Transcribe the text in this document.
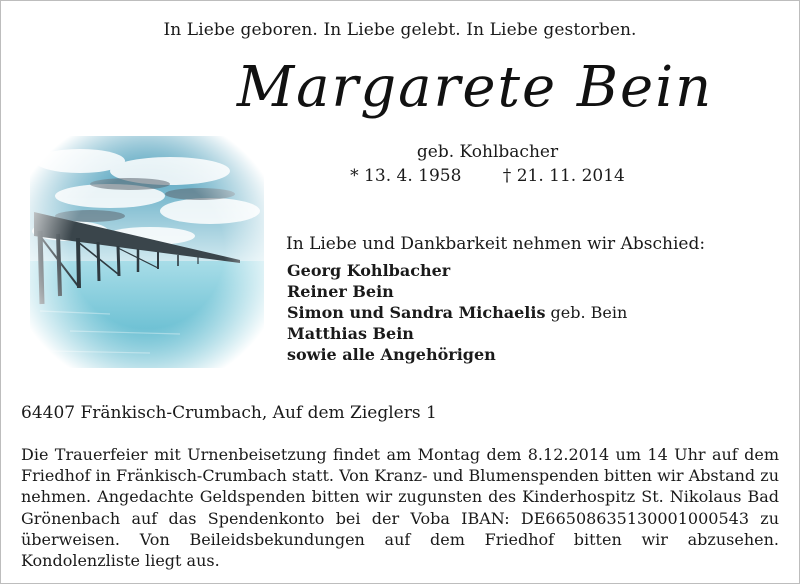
In Liebe geboren. In Liebe gelebt. In Liebe gestorben.
Margarete Bein
geb. Kohlbacher
* 13. 4. 1958 † 21. 11. 2014
In Liebe und Dankbarkeit nehmen wir Abschied:
Georg Kohlbacher
Reiner Bein
Simon und Sandra Michaelis geb. Bein
Matthias Bein
sowie alle Angehörigen
64407 Fränkisch-Crumbach, Auf dem Zieglers 1

Die Trauerfeier mit Urnenbeisetzung findet am Montag dem 8.12.2014 um 14 Uhr auf dem Friedhof in Fränkisch-Crumbach statt. Von Kranz- und Blumenspenden bitten wir Abstand zu nehmen. Angedachte Geldspenden bitten wir zugunsten des Kinderhospitz St. Nikolaus Bad Grönenbach auf das Spendenkonto bei der Voba IBAN: DE66508635130001000543 zu überweisen. Von Beileidsbekundungen auf dem Friedhof bitten wir abzusehen. Kondolenzliste liegt aus.
